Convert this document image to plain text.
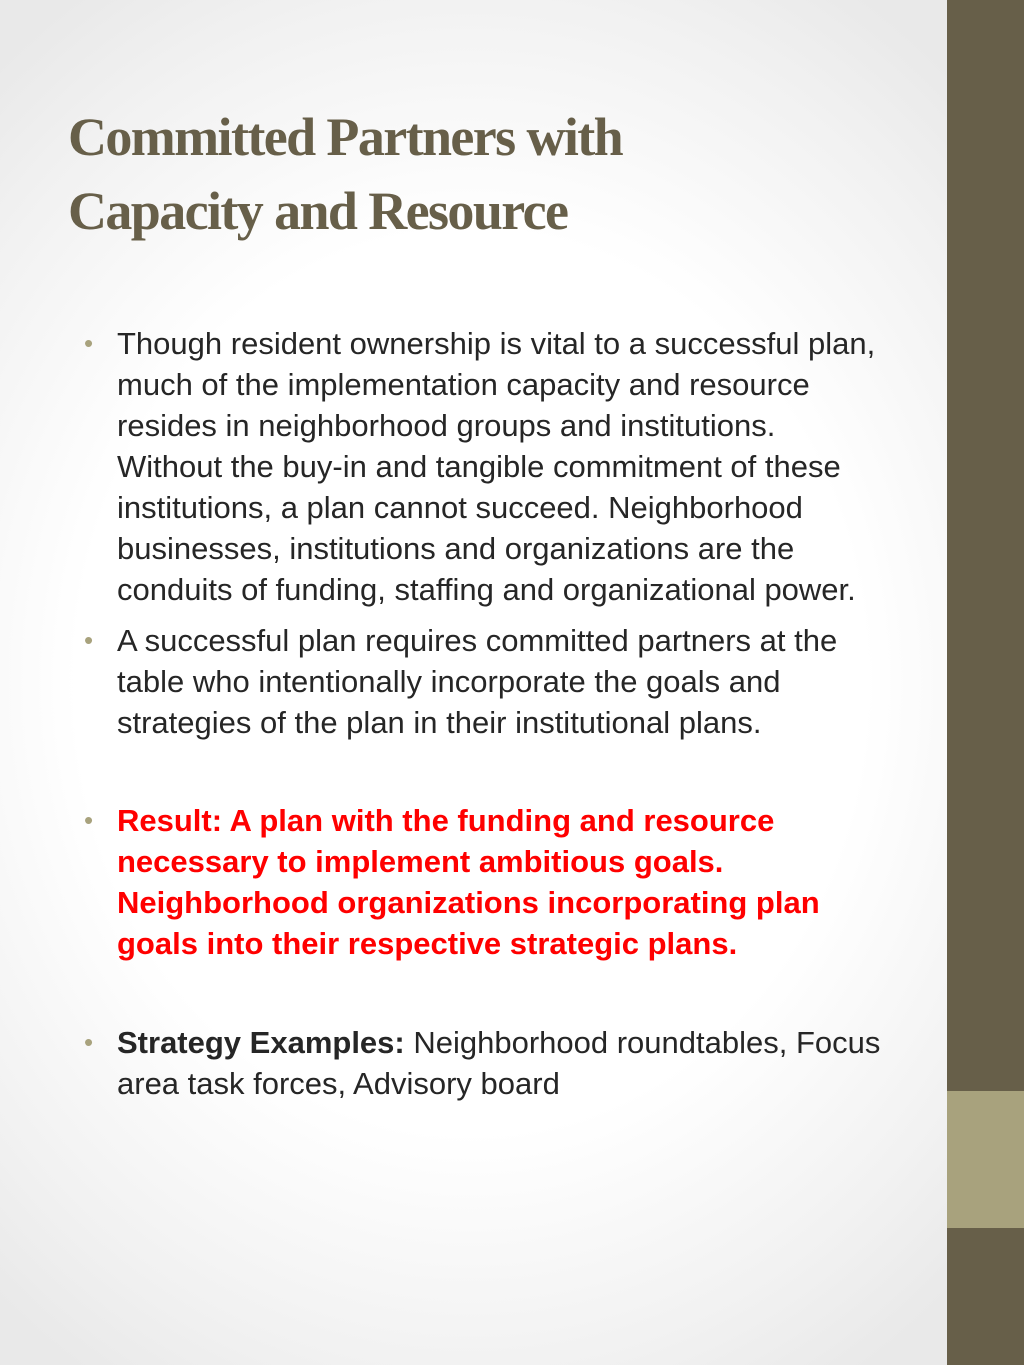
Committed Partners with
Capacity and Resource
• Though resident ownership is vital to a successful plan, much of the implementation capacity and resource resides in neighborhood groups and institutions. Without the buy-in and tangible commitment of these institutions, a plan cannot succeed. Neighborhood businesses, institutions and organizations are the conduits of funding, staffing and organizational power.
• A successful plan requires committed partners at the table who intentionally incorporate the goals and strategies of the plan in their institutional plans.
• Result: A plan with the funding and resource necessary to implement ambitious goals. Neighborhood organizations incorporating plan goals into their respective strategic plans.
• Strategy Examples: Neighborhood roundtables, Focus area task forces, Advisory board
